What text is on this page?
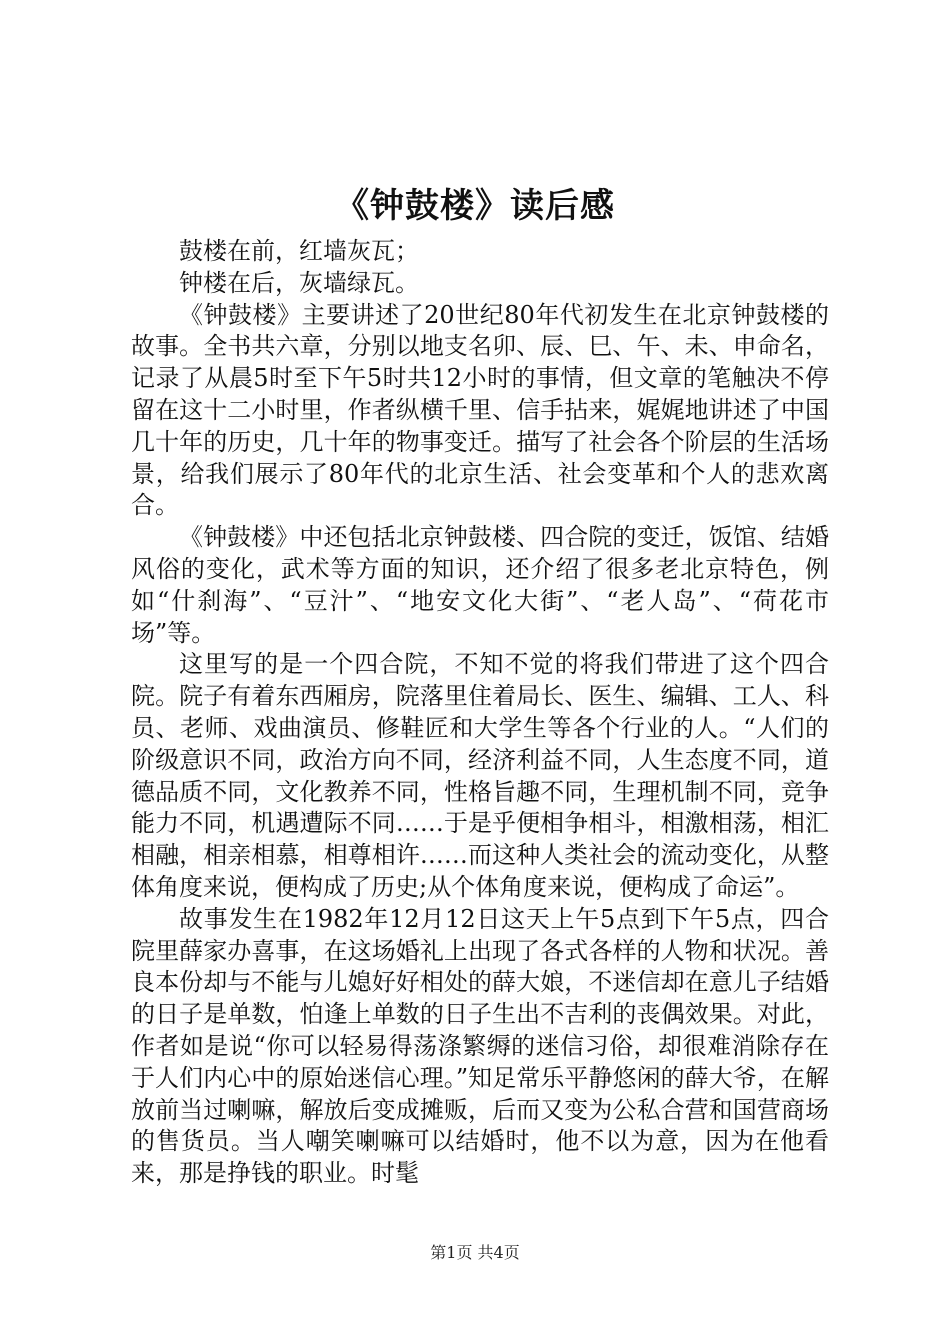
《钟鼓楼》读后感

鼓楼在前，红墙灰瓦；

钟楼在后，灰墙绿瓦。

《钟鼓楼》主要讲述了20世纪80年代初发生在北京钟鼓楼的故事。全书共六章，分别以地支名卯、辰、巳、午、未、申命名，记录了从晨5时至下午5时共12小时的事情，但文章的笔触决不停留在这十二小时里，作者纵横千里、信手拈来，娓娓地讲述了中国几十年的历史，几十年的物事变迁。描写了社会各个阶层的生活场景，给我们展示了80年代的北京生活、社会变革和个人的悲欢离合。

《钟鼓楼》中还包括北京钟鼓楼、四合院的变迁，饭馆、结婚风俗的变化，武术等方面的知识，还介绍了很多老北京特色，例如“什刹海”、“豆汁”、“地安文化大街”、“老人岛”、“荷花市场”等。

这里写的是一个四合院，不知不觉的将我们带进了这个四合院。院子有着东西厢房，院落里住着局长、医生、编辑、工人、科员、老师、戏曲演员、修鞋匠和大学生等各个行业的人。“人们的阶级意识不同，政治方向不同，经济利益不同，人生态度不同，道德品质不同，文化教养不同，性格旨趣不同，生理机制不同，竞争能力不同，机遇遭际不同……于是乎便相争相斗，相激相荡，相汇相融，相亲相慕，相尊相许……而这种人类社会的流动变化，从整体角度来说，便构成了历史;从个体角度来说，便构成了命运”。

故事发生在1982年12月12日这天上午5点到下午5点，四合院里薛家办喜事，在这场婚礼上出现了各式各样的人物和状况。善良本份却与不能与儿媳好好相处的薛大娘，不迷信却在意儿子结婚的日子是单数，怕逢上单数的日子生出不吉利的丧偶效果。对此，作者如是说“你可以轻易得荡涤繁缛的迷信习俗，却很难消除存在于人们内心中的原始迷信心理。”知足常乐平静悠闲的薛大爷，在解放前当过喇嘛，解放后变成摊贩，后而又变为公私合营和国营商场的售货员。当人嘲笑喇嘛可以结婚时，他不以为意，因为在他看来，那是挣钱的职业。时髦

第1页 共4页
